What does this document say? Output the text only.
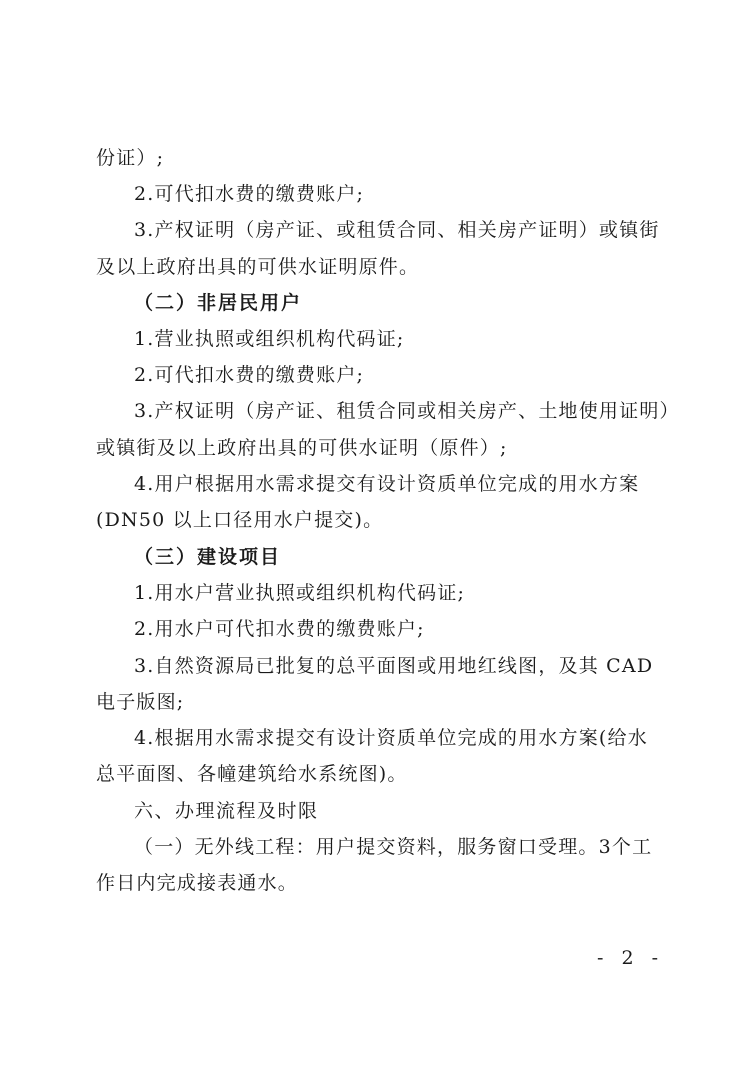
份证）;
2.可代扣水费的缴费账户;
3.产权证明（房产证、或租赁合同、相关房产证明）或镇街
及以上政府出具的可供水证明原件。
（二）非居民用户
1.营业执照或组织机构代码证;
2.可代扣水费的缴费账户;
3.产权证明（房产证、租赁合同或相关房产、土地使用证明）
或镇街及以上政府出具的可供水证明（原件）;
4.用户根据用水需求提交有设计资质单位完成的用水方案
(DN50 以上口径用水户提交)。
（三）建设项目
1.用水户营业执照或组织机构代码证;
2.用水户可代扣水费的缴费账户;
3.自然资源局已批复的总平面图或用地红线图，及其 CAD
电子版图;
4.根据用水需求提交有设计资质单位完成的用水方案(给水
总平面图、各幢建筑给水系统图)。
六、办理流程及时限
（一）无外线工程：用户提交资料，服务窗口受理。3个工
作日内完成接表通水。
- 2 -
